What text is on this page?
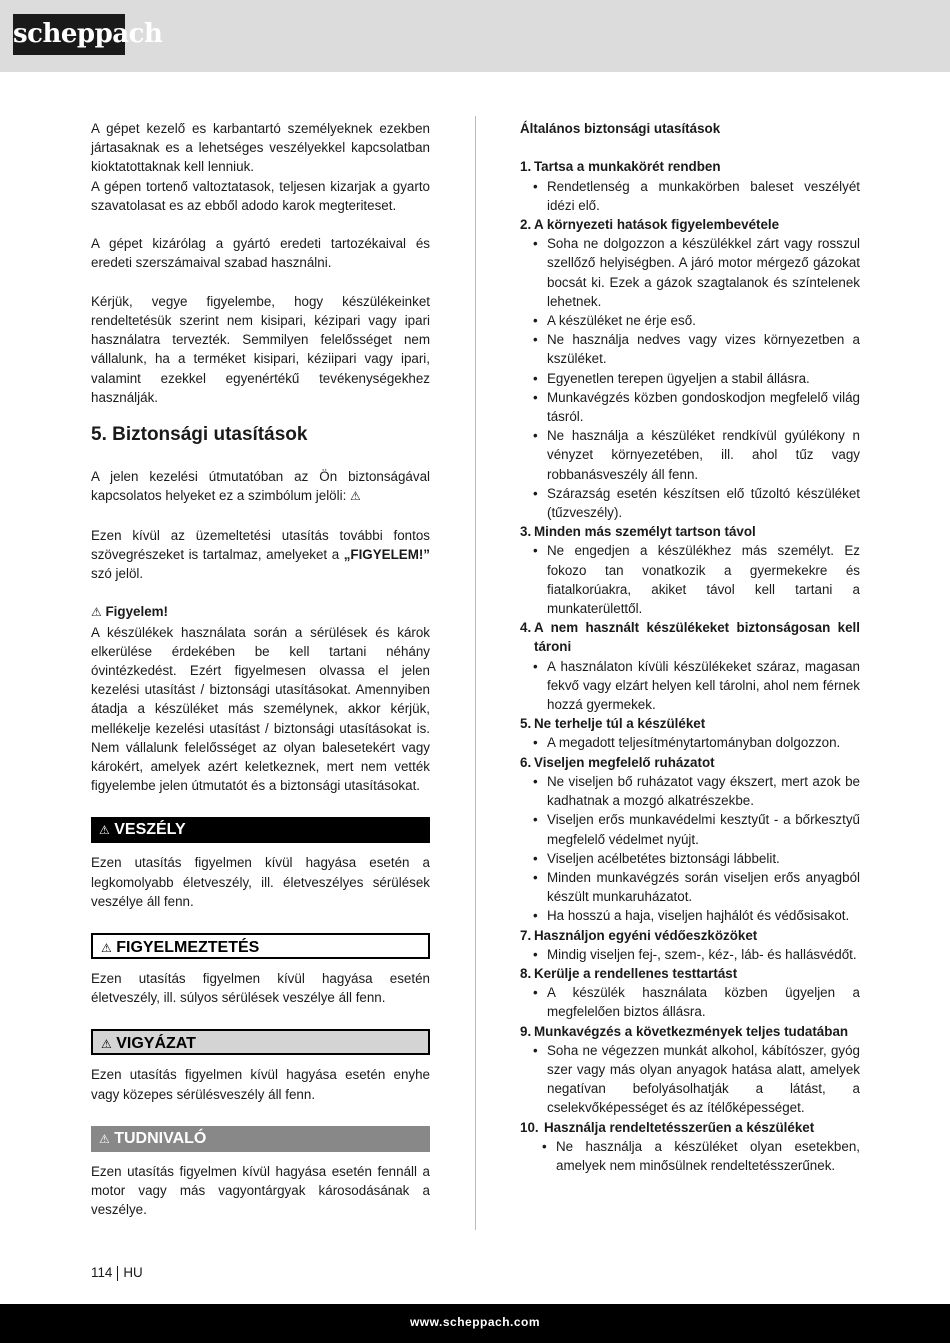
scheppach

A gépet kezelő es karbantartó személyeknek ezekben jártasaknak es a lehetséges veszélyekkel kapcsolatban kioktatottaknak kell lenniuk.

A gépen tortenő valtoztatasok, teljesen kizarjak a gyarto szavatolasat es az ebből adodo karok megteriteset.

A gépet kizárólag a gyártó eredeti tartozékaival és eredeti szerszámaival szabad használni.

Kérjük, vegye figyelembe, hogy készülékeinket rendeltetésük szerint nem kisipari, kézipari vagy ipari használatra tervezték. Semmilyen felelősséget nem vállalunk, ha a terméket kisipari, kéziipari vagy ipari, valamint ezekkel egyenértékű tevékenységekhez használják.

5. Biztonsági utasítások

A jelen kezelési útmutatóban az Ön biztonságával kapcsolatos helyeket ez a szimbólum jelöli: ⚠

Ezen kívül az üzemeltetési utasítás további fontos szövegrészeket is tartalmaz, amelyeket a „FIGYELEM!” szó jelöl.

⚠ Figyelem!

A készülékek használata során a sérülések és károk elkerülése érdekében be kell tartani néhány óvintézkedést. Ezért figyelmesen olvassa el jelen kezelési utasítást / biztonsági utasításokat. Amennyiben átadja a készüléket más személynek, akkor kérjük, mellékelje kezelési utasítást / biztonsági utasításokat is. Nem vállalunk felelősséget az olyan balesetekért vagy károkért, amelyek azért keletkeznek, mert nem vették figyelembe jelen útmutatót és a biztonsági utasításokat.

⚠ VESZÉLY

Ezen utasítás figyelmen kívül hagyása esetén a legkomolyabb életveszély, ill. életveszélyes sérülések veszélye áll fenn.

⚠ FIGYELMEZTETÉS

Ezen utasítás figyelmen kívül hagyása esetén életveszély, ill. súlyos sérülések veszélye áll fenn.

⚠ VIGYÁZAT

Ezen utasítás figyelmen kívül hagyása esetén enyhe vagy közepes sérülésveszély áll fenn.

⚠ TUDNIVALÓ

Ezen utasítás figyelmen kívül hagyása esetén fennáll a motor vagy más vagyontárgyak károsodásának a veszélye.

Általános biztonsági utasítások

1. Tartsa a munkakörét rendben
• Rendetlenség a munkakörben baleset veszélyét idézi elő.
2. A környezeti hatások figyelembevétele
• Soha ne dolgozzon a készülékkel zárt vagy rosszul szellőző helyiségben. A járó motor mérgező gázokat bocsát ki. Ezek a gázok szagtalanok és színtelenek lehetnek.
• A készüléket ne érje eső.
• Ne használja nedves vagy vizes környezetben a kszüléket.
• Egyenetlen terepen ügyeljen a stabil állásra.
• Munkavégzés közben gondoskodjon megfelelő világ tásról.
• Ne használja a készüléket rendkívül gyúlékony n vényzet környezetében, ill. ahol tűz vagy robbanásveszély áll fenn.
• Szárazság esetén készítsen elő tűzoltó készüléket (tűzveszély).
3. Minden más személyt tartson távol
• Ne engedjen a készülékhez más személyt. Ez fokozo tan vonatkozik a gyermekekre és fiatalkorúakra, akiket távol kell tartani a munkaterülettől.
4. A nem használt készülékeket biztonságosan kell tároni
• A használaton kívüli készülékeket száraz, magasan fekvő vagy elzárt helyen kell tárolni, ahol nem férnek hozzá gyermekek.
5. Ne terhelje túl a készüléket
• A megadott teljesítménytartományban dolgozzon.
6. Viseljen megfelelő ruházatot
• Ne viseljen bő ruházatot vagy ékszert, mert azok be kadhatnak a mozgó alkatrészekbe.
• Viseljen erős munkavédelmi kesztyűt - a bőrkesztyű megfelelő védelmet nyújt.
• Viseljen acélbetétes biztonsági lábbelit.
• Minden munkavégzés során viseljen erős anyagból készült munkaruházatot.
• Ha hosszú a haja, viseljen hajhálót és védősisakot.
7. Használjon egyéni védőeszközöket
• Mindig viseljen fej-, szem-, kéz-, láb- és hallásvédőt.
8. Kerülje a rendellenes testtartást
• A készülék használata közben ügyeljen a megfelelően biztos állásra.
9. Munkavégzés a következmények teljes tudatában
• Soha ne végezzen munkát alkohol, kábítószer, gyóg szer vagy más olyan anyagok hatása alatt, amelyek negatívan befolyásolhatják a látást, a cselekvőképességet és az ítélőképességet.
10. Használja rendeltetésszerűen a készüléket
• Ne használja a készüléket olyan esetekben, amelyek nem minősülnek rendeltetésszerűnek.
114 HU
www.scheppach.com
